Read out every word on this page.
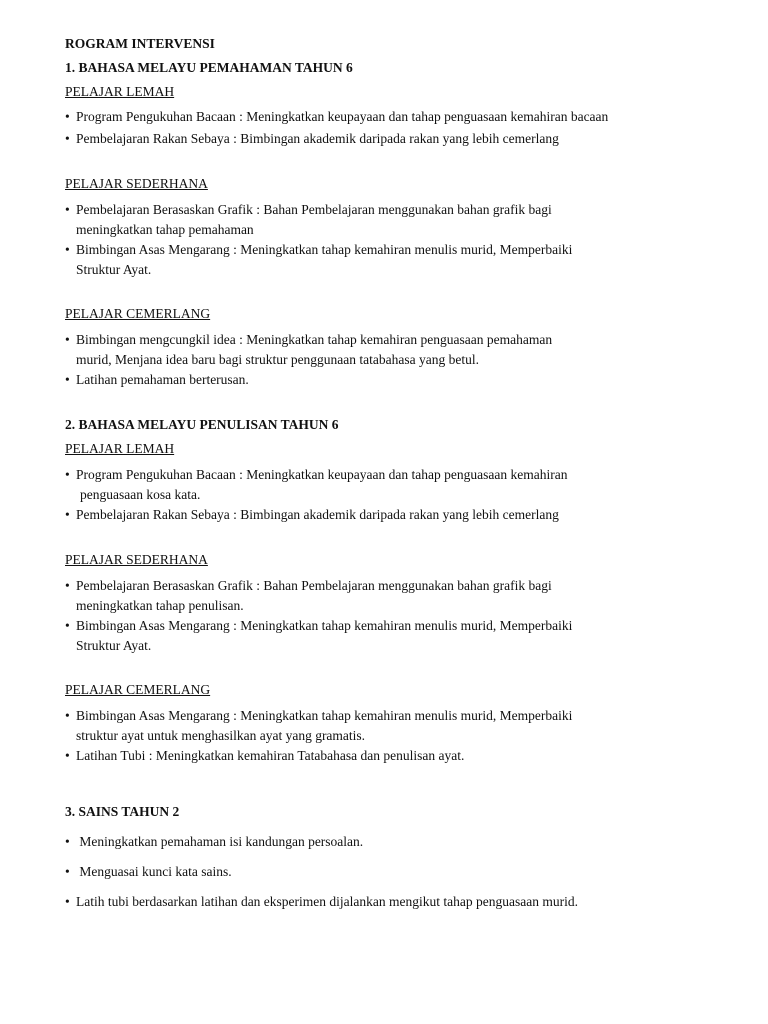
ROGRAM INTERVENSI
1. BAHASA MELAYU PEMAHAMAN TAHUN 6
PELAJAR LEMAH
• Program Pengukuhan Bacaan : Meningkatkan keupayaan dan tahap penguasaan kemahiran bacaan
• Pembelajaran Rakan Sebaya : Bimbingan akademik daripada rakan yang lebih cemerlang
PELAJAR SEDERHANA
• Pembelajaran Berasaskan Grafik : Bahan Pembelajaran menggunakan bahan grafik bagi
meningkatkan tahap pemahaman
• Bimbingan Asas Mengarang : Meningkatkan tahap kemahiran menulis murid, Memperbaiki
Struktur Ayat.
PELAJAR CEMERLANG
• Bimbingan mengcungkil idea : Meningkatkan tahap kemahiran penguasaan pemahaman
murid, Menjana idea baru bagi struktur penggunaan tatabahasa yang betul.
• Latihan pemahaman berterusan.
2. BAHASA MELAYU PENULISAN TAHUN 6
PELAJAR LEMAH
• Program Pengukuhan Bacaan : Meningkatkan keupayaan dan tahap penguasaan kemahiran
penguasaan kosa kata.
• Pembelajaran Rakan Sebaya : Bimbingan akademik daripada rakan yang lebih cemerlang
PELAJAR SEDERHANA
• Pembelajaran Berasaskan Grafik : Bahan Pembelajaran menggunakan bahan grafik bagi
meningkatkan tahap penulisan.
• Bimbingan Asas Mengarang : Meningkatkan tahap kemahiran menulis murid, Memperbaiki
Struktur Ayat.
PELAJAR CEMERLANG
• Bimbingan Asas Mengarang : Meningkatkan tahap kemahiran menulis murid, Memperbaiki
struktur ayat untuk menghasilkan ayat yang gramatis.
• Latihan Tubi : Meningkatkan kemahiran Tatabahasa dan penulisan ayat.
3. SAINS TAHUN 2
• Meningkatkan pemahaman isi kandungan persoalan.
• Menguasai kunci kata sains.
• Latih tubi berdasarkan latihan dan eksperimen dijalankan mengikut tahap penguasaan murid.
